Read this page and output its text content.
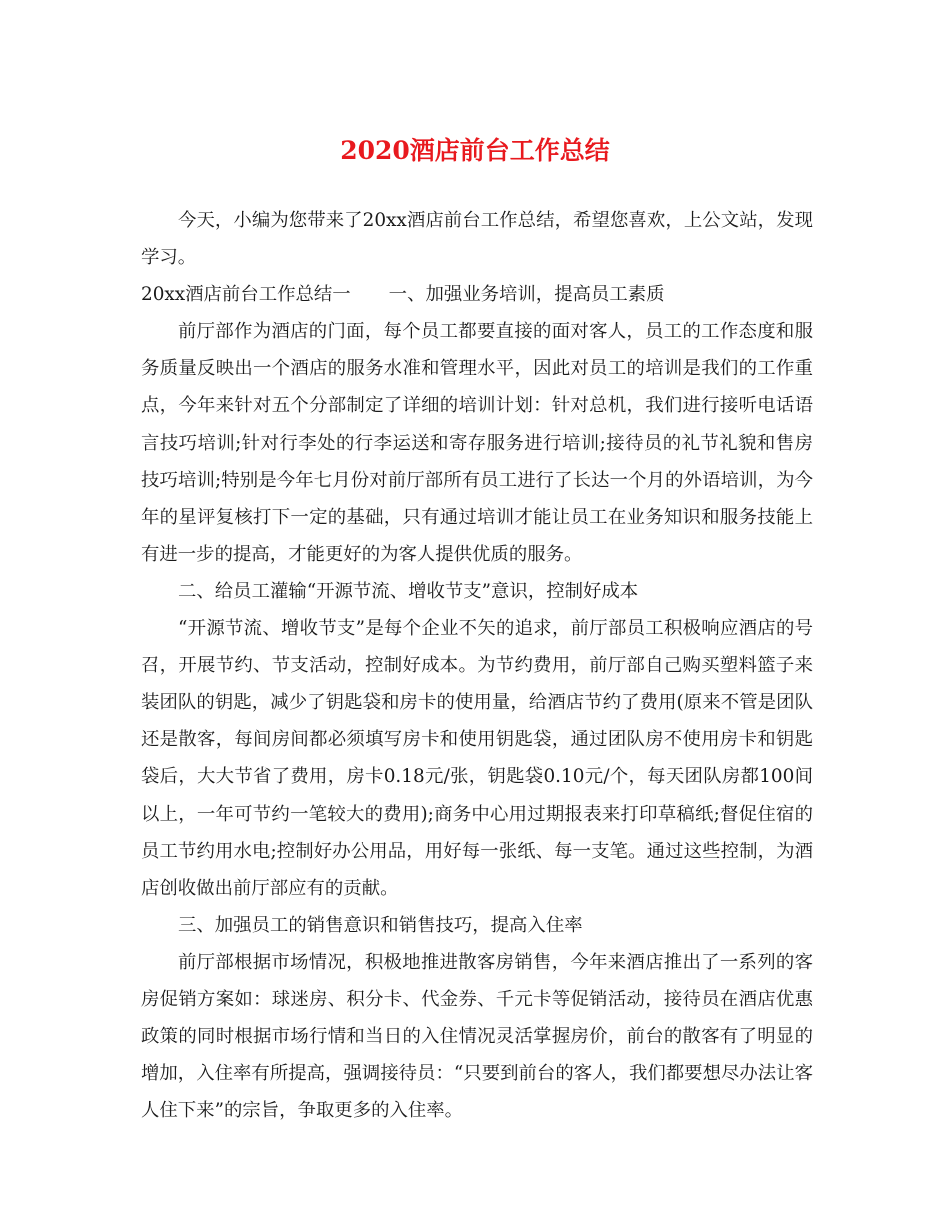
2020酒店前台工作总结

今天，小编为您带来了20xx酒店前台工作总结，希望您喜欢，上公文站，发现学习。

20xx酒店前台工作总结一 一、加强业务培训，提高员工素质

前厅部作为酒店的门面，每个员工都要直接的面对客人，员工的工作态度和服务质量反映出一个酒店的服务水准和管理水平，因此对员工的培训是我们的工作重点，今年来针对五个分部制定了详细的培训计划：针对总机，我们进行接听电话语言技巧培训;针对行李处的行李运送和寄存服务进行培训;接待员的礼节礼貌和售房技巧培训;特别是今年七月份对前厅部所有员工进行了长达一个月的外语培训，为今年的星评复核打下一定的基础，只有通过培训才能让员工在业务知识和服务技能上有进一步的提高，才能更好的为客人提供优质的服务。

二、给员工灌输“开源节流、增收节支”意识，控制好成本

“开源节流、增收节支”是每个企业不矢的追求，前厅部员工积极响应酒店的号召，开展节约、节支活动，控制好成本。为节约费用，前厅部自己购买塑料篮子来装团队的钥匙，减少了钥匙袋和房卡的使用量，给酒店节约了费用(原来不管是团队还是散客，每间房间都必须填写房卡和使用钥匙袋，通过团队房不使用房卡和钥匙袋后，大大节省了费用，房卡0.18元/张，钥匙袋0.10元/个，每天团队房都100间以上，一年可节约一笔较大的费用);商务中心用过期报表来打印草稿纸;督促住宿的员工节约用水电;控制好办公用品，用好每一张纸、每一支笔。通过这些控制，为酒店创收做出前厅部应有的贡献。

三、加强员工的销售意识和销售技巧，提高入住率

前厅部根据市场情况，积极地推进散客房销售，今年来酒店推出了一系列的客房促销方案如：球迷房、积分卡、代金券、千元卡等促销活动，接待员在酒店优惠政策的同时根据市场行情和当日的入住情况灵活掌握房价，前台的散客有了明显的增加，入住率有所提高，强调接待员：“只要到前台的客人，我们都要想尽办法让客人住下来”的宗旨，争取更多的入住率。
